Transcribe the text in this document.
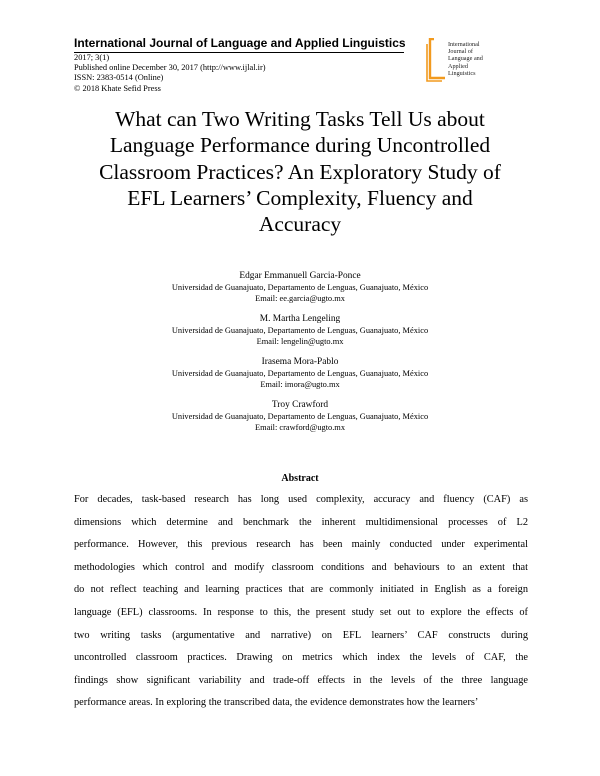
International Journal of Language and Applied Linguistics
2017; 3(1)
Published online December 30, 2017 (http://www.ijlal.ir)
ISSN: 2383-0514 (Online)
© 2018 Khate Sefid Press
International
Journal of
Language and
Applied
Linguistics
What can Two Writing Tasks Tell Us about
Language Performance during Uncontrolled
Classroom Practices? An Exploratory Study of
EFL Learners’ Complexity, Fluency and
Accuracy
Edgar Emmanuell Garcia-Ponce
Universidad de Guanajuato, Departamento de Lenguas, Guanajuato, México
Email: ee.garcia@ugto.mx
M. Martha Lengeling
Universidad de Guanajuato, Departamento de Lenguas, Guanajuato, México
Email: lengelin@ugto.mx
Irasema Mora-Pablo
Universidad de Guanajuato, Departamento de Lenguas, Guanajuato, México
Email: imora@ugto.mx
Troy Crawford
Universidad de Guanajuato, Departamento de Lenguas, Guanajuato, México
Email: crawford@ugto.mx
Abstract
For decades, task-based research has long used complexity, accuracy and fluency (CAF) as
dimensions which determine and benchmark the inherent multidimensional processes of L2
performance. However, this previous research has been mainly conducted under experimental
methodologies which control and modify classroom conditions and behaviours to an extent that
do not reflect teaching and learning practices that are commonly initiated in English as a foreign
language (EFL) classrooms. In response to this, the present study set out to explore the effects of
two writing tasks (argumentative and narrative) on EFL learners’ CAF constructs during
uncontrolled classroom practices. Drawing on metrics which index the levels of CAF, the
findings show significant variability and trade-off effects in the levels of the three language
performance areas. In exploring the transcribed data, the evidence demonstrates how the learners’
